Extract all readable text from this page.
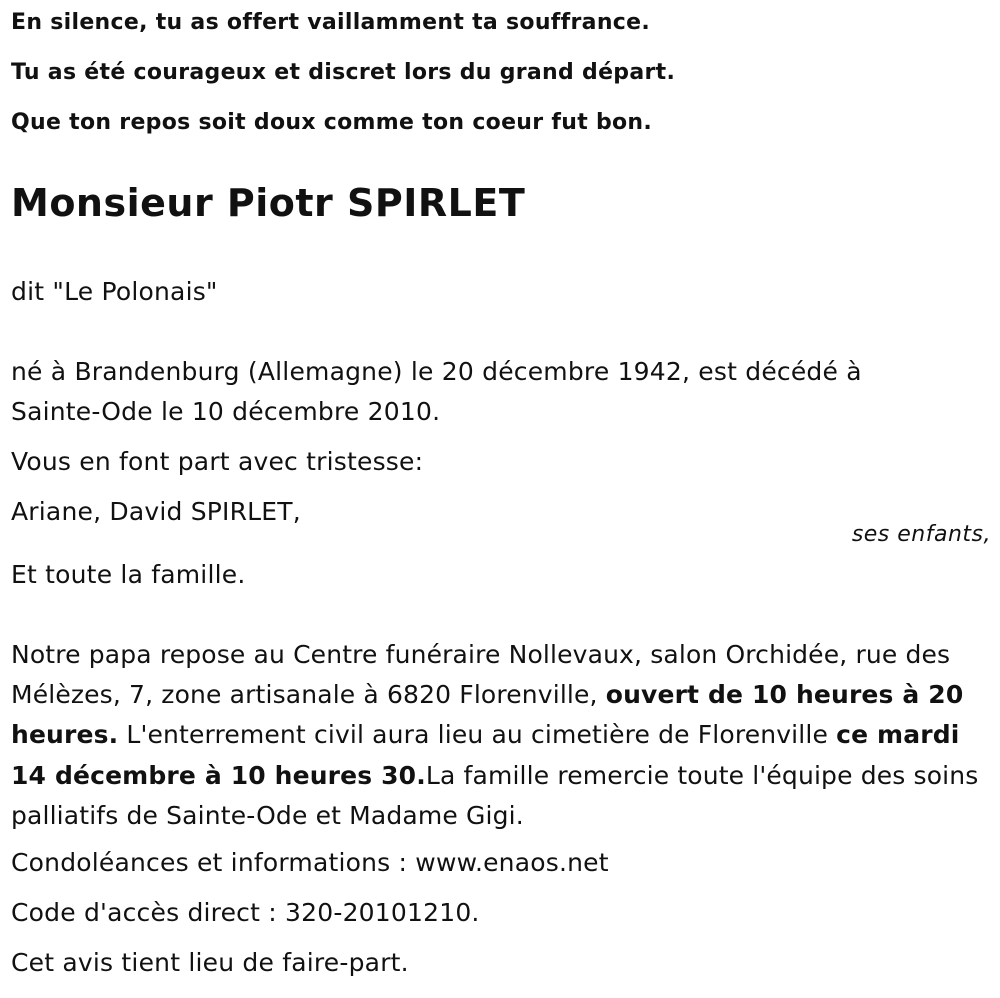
En silence, tu as offert vaillamment ta souffrance.
Tu as été courageux et discret lors du grand départ.
Que ton repos soit doux comme ton coeur fut bon.
Monsieur Piotr SPIRLET
dit "Le Polonais"
né à Brandenburg (Allemagne) le 20 décembre 1942, est décédé à
Sainte-Ode le 10 décembre 2010.
Vous en font part avec tristesse:
Ariane, David SPIRLET,
ses enfants,
Et toute la famille.
Notre papa repose au Centre funéraire Nollevaux, salon Orchidée, rue des Mélèzes, 7, zone artisanale à 6820 Florenville, ouvert de 10 heures à 20 heures. L'enterrement civil aura lieu au cimetière de Florenville ce mardi 14 décembre à 10 heures 30.La famille remercie toute l'équipe des soins palliatifs de Sainte-Ode et Madame Gigi.
Condoléances et informations : www.enaos.net
Code d'accès direct : 320-20101210.
Cet avis tient lieu de faire-part.
